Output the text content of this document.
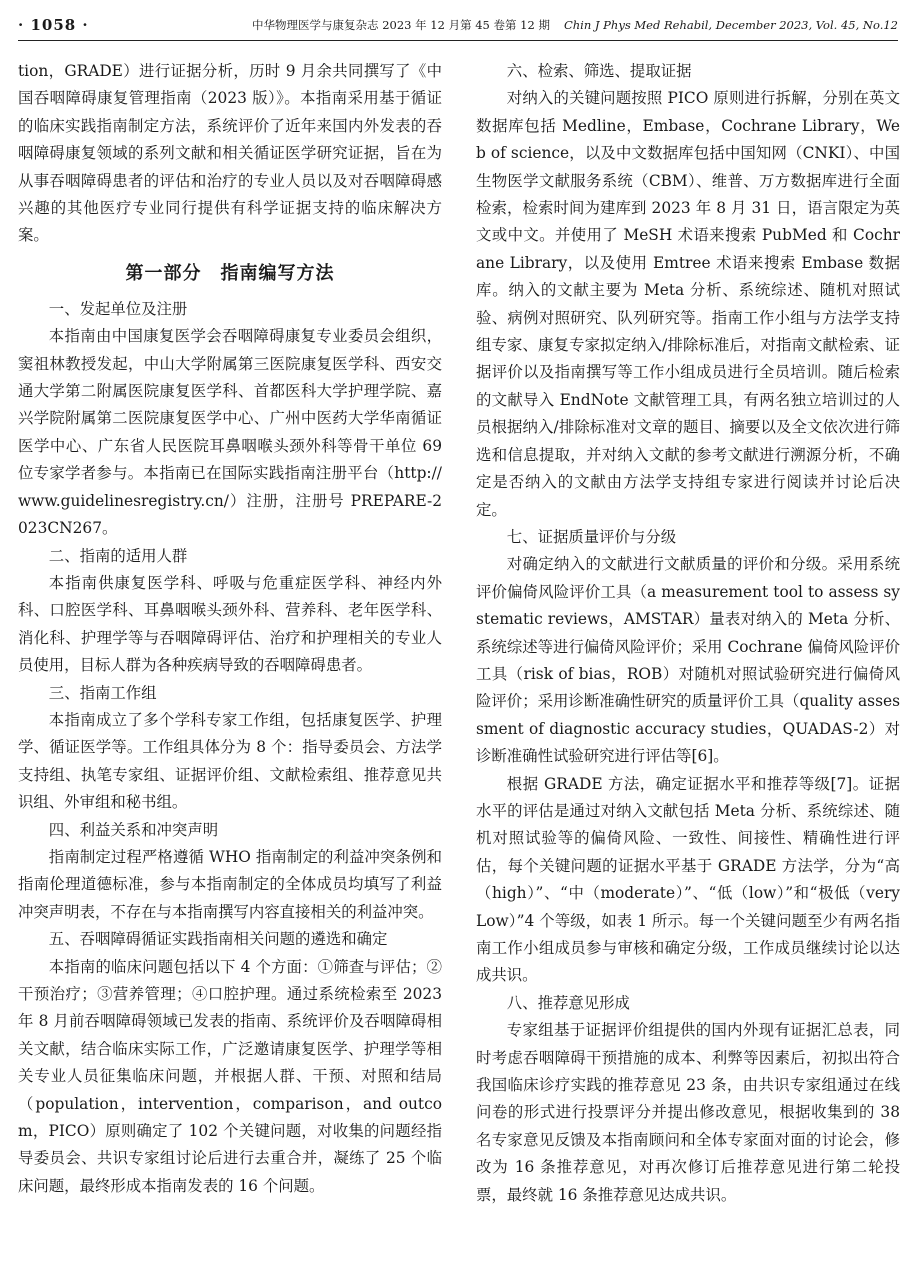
· 1058 ·	中华物理医学与康复杂志 2023 年 12 月第 45 卷第 12 期 Chin J Phys Med Rehabil, December 2023, Vol. 45, No.12

tion，GRADE）进行证据分析，历时 9 月余共同撰写了《中国吞咽障碍康复管理指南（2023 版）》。本指南采用基于循证的临床实践指南制定方法，系统评价了近年来国内外发表的吞咽障碍康复领域的系列文献和相关循证医学研究证据，旨在为从事吞咽障碍患者的评估和治疗的专业人员以及对吞咽障碍感兴趣的其他医疗专业同行提供有科学证据支持的临床解决方案。

第一部分　指南编写方法
一、发起单位及注册

本指南由中国康复医学会吞咽障碍康复专业委员会组织，窦祖林教授发起，中山大学附属第三医院康复医学科、西安交通大学第二附属医院康复医学科、首都医科大学护理学院、嘉兴学院附属第二医院康复医学中心、广州中医药大学华南循证医学中心、广东省人民医院耳鼻咽喉头颈外科等骨干单位 69 位专家学者参与。本指南已在国际实践指南注册平台（http://www.guidelinesregistry.cn/）注册，注册号 PREPARE-2023CN267。

二、指南的适用人群

本指南供康复医学科、呼吸与危重症医学科、神经内外科、口腔医学科、耳鼻咽喉头颈外科、营养科、老年医学科、消化科、护理学等与吞咽障碍评估、治疗和护理相关的专业人员使用，目标人群为各种疾病导致的吞咽障碍患者。

三、指南工作组

本指南成立了多个学科专家工作组，包括康复医学、护理学、循证医学等。工作组具体分为 8 个：指导委员会、方法学支持组、执笔专家组、证据评价组、文献检索组、推荐意见共识组、外审组和秘书组。

四、利益关系和冲突声明

指南制定过程严格遵循 WHO 指南制定的利益冲突条例和指南伦理道德标准，参与本指南制定的全体成员均填写了利益冲突声明表，不存在与本指南撰写内容直接相关的利益冲突。

五、吞咽障碍循证实践指南相关问题的遴选和确定

本指南的临床问题包括以下 4 个方面：①筛查与评估；②干预治疗；③营养管理；④口腔护理。通过系统检索至 2023 年 8 月前吞咽障碍领域已发表的指南、系统评价及吞咽障碍相关文献，结合临床实际工作，广泛邀请康复医学、护理学等相关专业人员征集临床问题，并根据人群、干预、对照和结局（population，intervention，comparison，and outcom，PICO）原则确定了 102 个关键问题，对收集的问题经指导委员会、共识专家组讨论后进行去重合并，凝练了 25 个临床问题，最终形成本指南发表的 16 个问题。

六、检索、筛选、提取证据

对纳入的关键问题按照 PICO 原则进行拆解，分别在英文数据库包括 Medline，Embase，Cochrane Library，Web of science，以及中文数据库包括中国知网（CNKI）、中国生物医学文献服务系统（CBM）、维普、万方数据库进行全面检索，检索时间为建库到 2023 年 8 月 31 日，语言限定为英文或中文。并使用了 MeSH 术语来搜索 PubMed 和 Cochrane Library，以及使用 Emtree 术语来搜索 Embase 数据库。纳入的文献主要为 Meta 分析、系统综述、随机对照试验、病例对照研究、队列研究等。指南工作小组与方法学支持组专家、康复专家拟定纳入/排除标准后，对指南文献检索、证据评价以及指南撰写等工作小组成员进行全员培训。随后检索的文献导入 EndNote 文献管理工具，有两名独立培训过的人员根据纳入/排除标准对文章的题目、摘要以及全文依次进行筛选和信息提取，并对纳入文献的参考文献进行溯源分析，不确定是否纳入的文献由方法学支持组专家进行阅读并讨论后决定。

七、证据质量评价与分级

对确定纳入的文献进行文献质量的评价和分级。采用系统评价偏倚风险评价工具（a measurement tool to assess systematic reviews，AMSTAR）量表对纳入的 Meta 分析、系统综述等进行偏倚风险评价；采用 Cochrane 偏倚风险评价工具（risk of bias，ROB）对随机对照试验研究进行偏倚风险评价；采用诊断准确性研究的质量评价工具（quality assessment of diagnostic accuracy studies，QUADAS-2）对诊断准确性试验研究进行评估等[6]。

根据 GRADE 方法，确定证据水平和推荐等级[7]。证据水平的评估是通过对纳入文献包括 Meta 分析、系统综述、随机对照试验等的偏倚风险、一致性、间接性、精确性进行评估，每个关键问题的证据水平基于 GRADE 方法学，分为“高（high）”、“中（moderate）”、“低（low）”和“极低（very Low）”4 个等级，如表 1 所示。每一个关键问题至少有两名指南工作小组成员参与审核和确定分级，工作成员继续讨论以达成共识。

八、推荐意见形成

专家组基于证据评价组提供的国内外现有证据汇总表，同时考虑吞咽障碍干预措施的成本、利弊等因素后，初拟出符合我国临床诊疗实践的推荐意见 23 条，由共识专家组通过在线问卷的形式进行投票评分并提出修改意见，根据收集到的 38 名专家意见反馈及本指南顾问和全体专家面对面的讨论会，修改为 16 条推荐意见，对再次修订后推荐意见进行第二轮投票，最终就 16 条推荐意见达成共识。
